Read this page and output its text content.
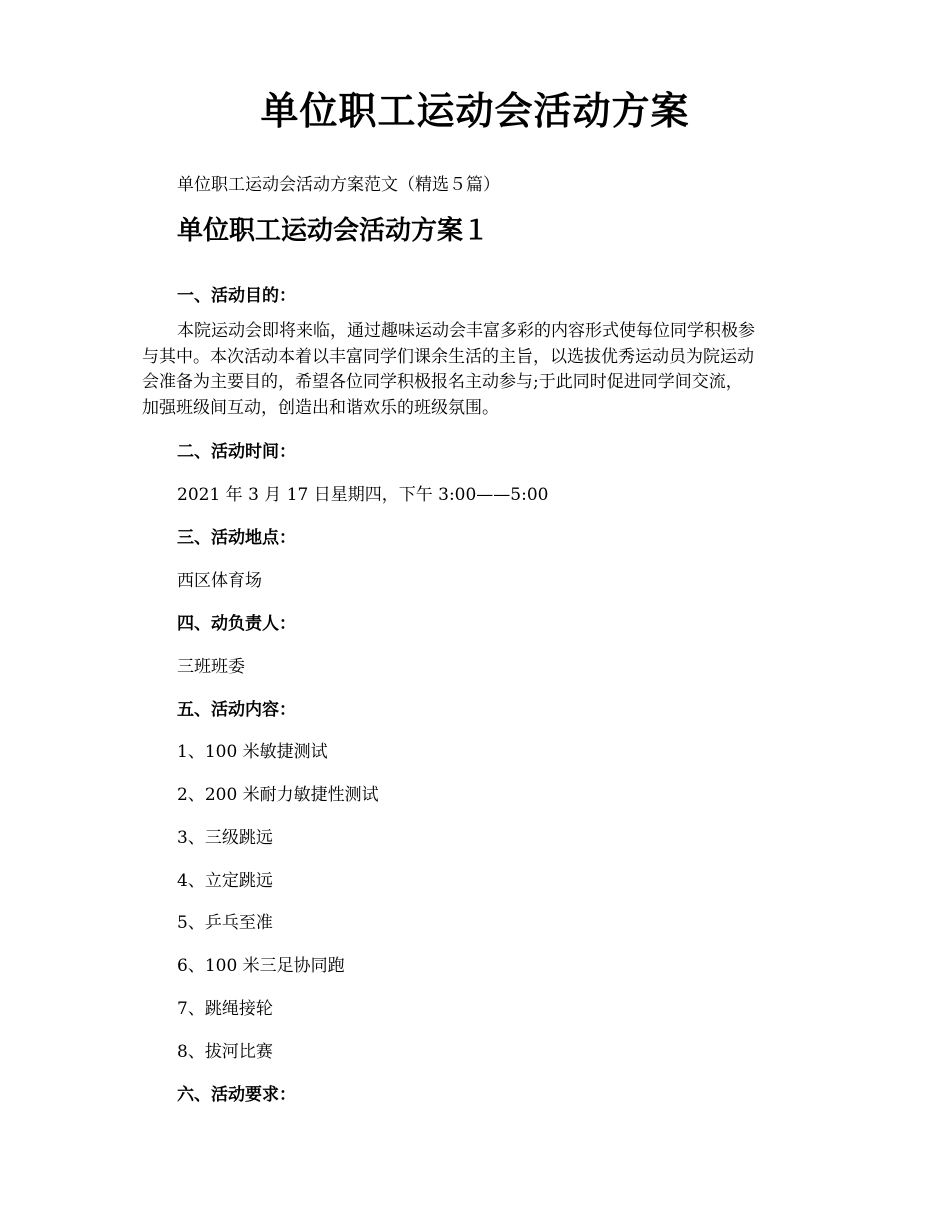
单位职工运动会活动方案

单位职工运动会活动方案范文（精选５篇）

单位职工运动会活动方案１

一、活动目的：

本院运动会即将来临，通过趣味运动会丰富多彩的内容形式使每位同学积极参
与其中。本次活动本着以丰富同学们课余生活的主旨，以选拔优秀运动员为院运动
会准备为主要目的，希望各位同学积极报名主动参与;于此同时促进同学间交流，
加强班级间互动，创造出和谐欢乐的班级氛围。

二、活动时间：

2021 年 3 月 17 日星期四，下午 3:00——5:00

三、活动地点：

西区体育场

四、动负责人：

三班班委

五、活动内容：

1、100 米敏捷测试

2、200 米耐力敏捷性测试

3、三级跳远

4、立定跳远

5、乒乓至准

6、100 米三足协同跑

7、跳绳接轮

8、拔河比赛

六、活动要求：
